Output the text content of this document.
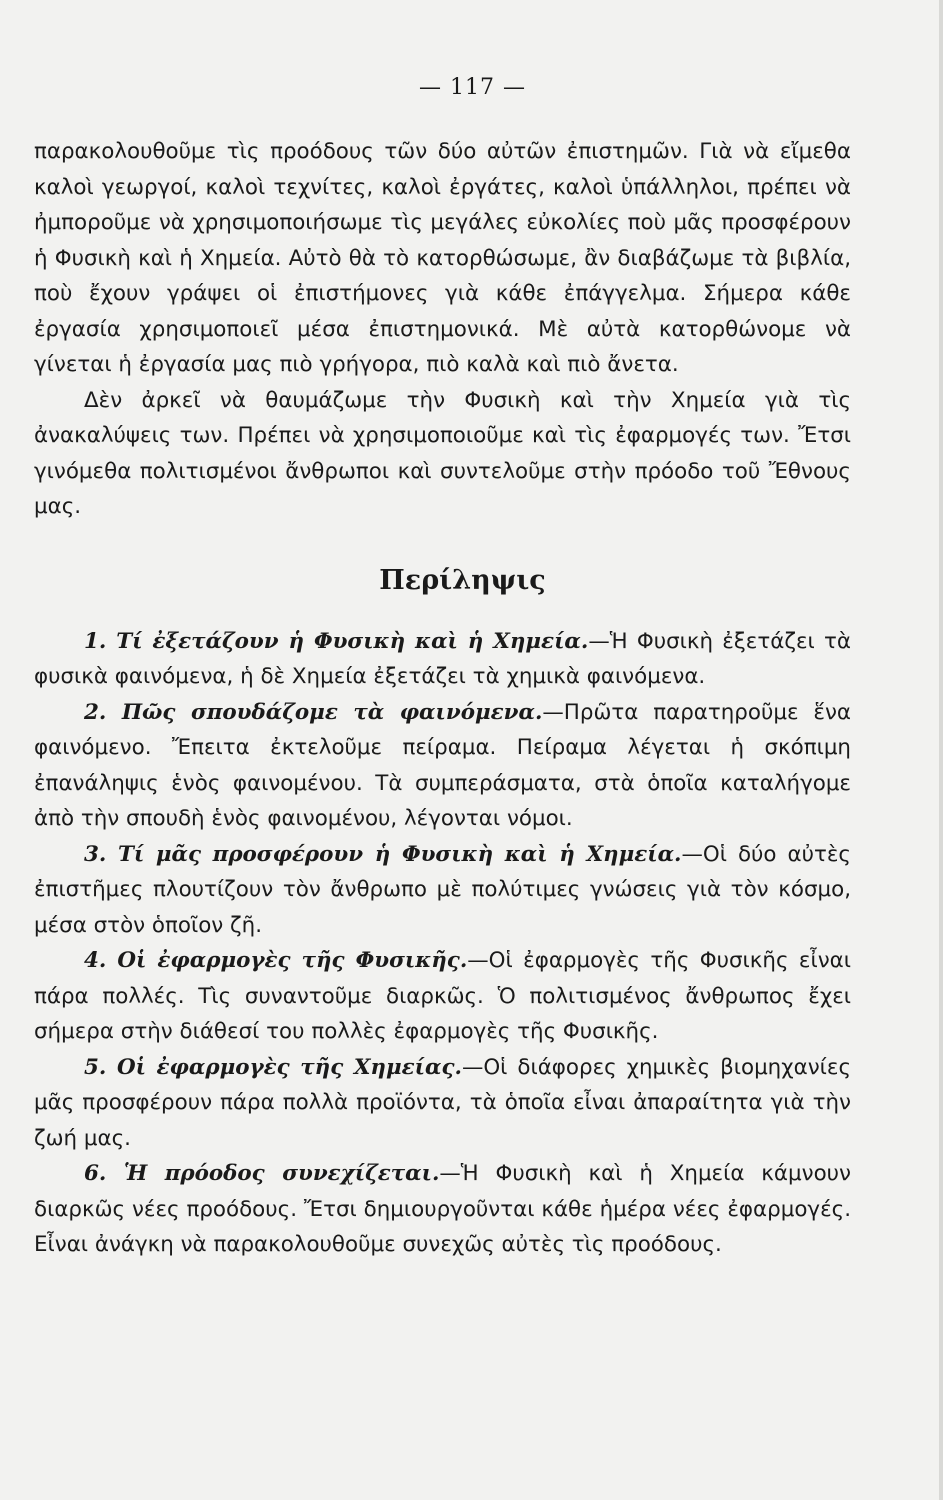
— 117 —

παρακολουθοῦμε τὶς προόδους τῶν δύο αὐτῶν ἐπιστημῶν. Γιὰ νὰ εἴμεθα καλοὶ γεωργοί, καλοὶ τεχνίτες, καλοὶ ἐργάτες, καλοὶ ὑπάλληλοι, πρέπει νὰ ἠμποροῦμε νὰ χρησιμοποιήσωμε τὶς μεγάλες εὐκολίες ποὺ μᾶς προσφέρουν ἡ Φυσικὴ καὶ ἡ Χημεία. Αὐτὸ θὰ τὸ κατορθώσωμε, ἂν διαβάζωμε τὰ βιβλία, ποὺ ἔχουν γράψει οἱ ἐπιστήμονες γιὰ κάθε ἐπάγγελμα. Σήμερα κάθε ἐργασία χρησιμοποιεῖ μέσα ἐπιστημονικά. Μὲ αὐτὰ κατορθώνομε νὰ γίνεται ἡ ἐργασία μας πιὸ γρήγορα, πιὸ καλὰ καὶ πιὸ ἄνετα.

Δὲν ἀρκεῖ νὰ θαυμάζωμε τὴν Φυσικὴ καὶ τὴν Χημεία γιὰ τὶς ἀνακαλύψεις των. Πρέπει νὰ χρησιμοποιοῦμε καὶ τὶς ἐφαρμογές των. Ἔτσι γινόμεθα πολιτισμένοι ἄνθρωποι καὶ συντελοῦμε στὴν πρόοδο τοῦ Ἔθνους μας.

Περίληψις

1. Τί ἐξετάζουν ἡ Φυσικὴ καὶ ἡ Χημεία.—Ἡ Φυσικὴ ἐξετάζει τὰ φυσικὰ φαινόμενα, ἡ δὲ Χημεία ἐξετάζει τὰ χημικὰ φαινόμενα.

2. Πῶς σπουδάζομε τὰ φαινόμενα.—Πρῶτα παρατηροῦμε ἕνα φαινόμενο. Ἔπειτα ἐκτελοῦμε πείραμα. Πείραμα λέγεται ἡ σκόπιμη ἐπανάληψις ἑνὸς φαινομένου. Τὰ συμπεράσματα, στὰ ὁποῖα καταλήγομε ἀπὸ τὴν σπουδὴ ἑνὸς φαινομένου, λέγονται νόμοι.

3. Τί μᾶς προσφέρουν ἡ Φυσικὴ καὶ ἡ Χημεία.—Οἱ δύο αὐτὲς ἐπιστῆμες πλουτίζουν τὸν ἄνθρωπο μὲ πολύτιμες γνώσεις γιὰ τὸν κόσμο, μέσα στὸν ὁποῖον ζῆ.

4. Οἱ ἐφαρμογὲς τῆς Φυσικῆς.—Οἱ ἐφαρμογὲς τῆς Φυσικῆς εἶναι πάρα πολλές. Τὶς συναντοῦμε διαρκῶς. Ὁ πολιτισμένος ἄνθρωπος ἔχει σήμερα στὴν διάθεσί του πολλὲς ἐφαρμογὲς τῆς Φυσικῆς.

5. Οἱ ἐφαρμογὲς τῆς Χημείας.—Οἱ διάφορες χημικὲς βιομηχανίες μᾶς προσφέρουν πάρα πολλὰ προϊόντα, τὰ ὁποῖα εἶναι ἀπαραίτητα γιὰ τὴν ζωή μας.

6. Ἡ πρόοδος συνεχίζεται.—Ἡ Φυσικὴ καὶ ἡ Χημεία κάμνουν διαρκῶς νέες προόδους. Ἔτσι δημιουργοῦνται κάθε ἡμέρα νέες ἐφαρμογές. Εἶναι ἀνάγκη νὰ παρακολουθοῦμε συνεχῶς αὐτὲς τὶς προόδους.
